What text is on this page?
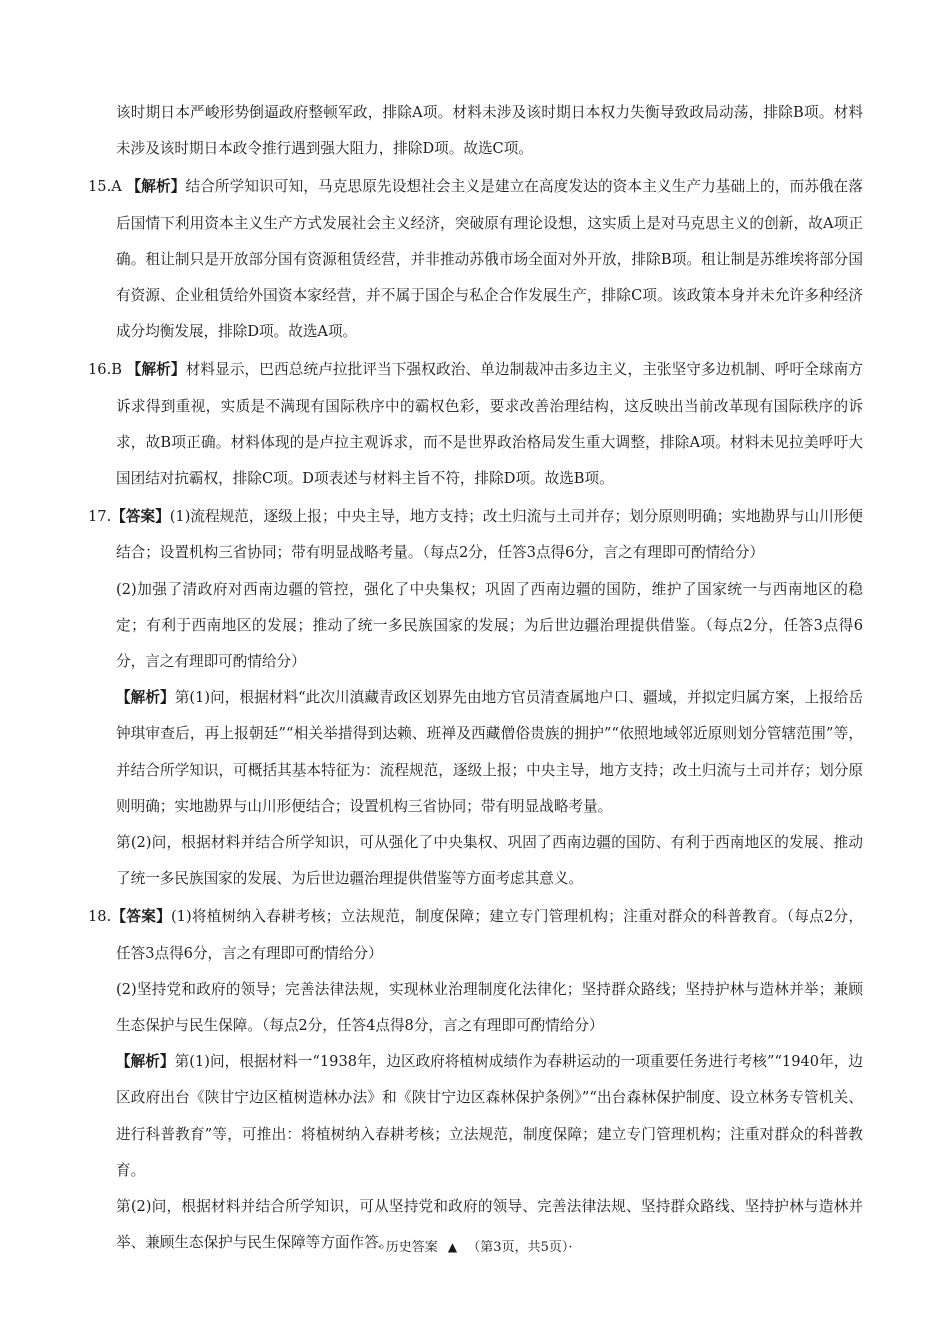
该时期日本严峻形势倒逼政府整顿军政，排除A项。材料未涉及该时期日本权力失衡导致政局动荡，排除B项。材料未涉及该时期日本政令推行遇到强大阻力，排除D项。故选C项。

15.A 【解析】结合所学知识可知，马克思原先设想社会主义是建立在高度发达的资本主义生产力基础上的，而苏俄在落后国情下利用资本主义生产方式发展社会主义经济，突破原有理论设想，这实质上是对马克思主义的创新，故A项正确。租让制只是开放部分国有资源租赁经营，并非推动苏俄市场全面对外开放，排除B项。租让制是苏维埃将部分国有资源、企业租赁给外国资本家经营，并不属于国企与私企合作发展生产，排除C项。该政策本身并未允许多种经济成分均衡发展，排除D项。故选A项。

16.B 【解析】材料显示，巴西总统卢拉批评当下强权政治、单边制裁冲击多边主义，主张坚守多边机制、呼吁全球南方诉求得到重视，实质是不满现有国际秩序中的霸权色彩，要求改善治理结构，这反映出当前改革现有国际秩序的诉求，故B项正确。材料体现的是卢拉主观诉求，而不是世界政治格局发生重大调整，排除A项。材料未见拉美呼吁大国团结对抗霸权，排除C项。D项表述与材料主旨不符，排除D项。故选B项。

17.【答案】(1)流程规范，逐级上报；中央主导，地方支持；改土归流与土司并存；划分原则明确；实地勘界与山川形便结合；设置机构三省协同；带有明显战略考量。（每点2分，任答3点得6分，言之有理即可酌情给分）

(2)加强了清政府对西南边疆的管控，强化了中央集权；巩固了西南边疆的国防，维护了国家统一与西南地区的稳定；有利于西南地区的发展；推动了统一多民族国家的发展；为后世边疆治理提供借鉴。（每点2分，任答3点得6分，言之有理即可酌情给分）

【解析】第(1)问，根据材料“此次川滇藏青政区划界先由地方官员清查属地户口、疆域，并拟定归属方案，上报给岳钟琪审查后，再上报朝廷”“相关举措得到达赖、班禅及西藏僧俗贵族的拥护”“依照地域邻近原则划分管辖范围”等，并结合所学知识，可概括其基本特征为：流程规范，逐级上报；中央主导，地方支持；改土归流与土司并存；划分原则明确；实地勘界与山川形便结合；设置机构三省协同；带有明显战略考量。

第(2)问，根据材料并结合所学知识，可从强化了中央集权、巩固了西南边疆的国防、有利于西南地区的发展、推动了统一多民族国家的发展、为后世边疆治理提供借鉴等方面考虑其意义。

18.【答案】(1)将植树纳入春耕考核；立法规范，制度保障；建立专门管理机构；注重对群众的科普教育。（每点2分，任答3点得6分，言之有理即可酌情给分）

(2)坚持党和政府的领导；完善法律法规，实现林业治理制度化法律化；坚持群众路线；坚持护林与造林并举；兼顾生态保护与民生保障。（每点2分，任答4点得8分，言之有理即可酌情给分）

【解析】第(1)问，根据材料一“1938年，边区政府将植树成绩作为春耕运动的一项重要任务进行考核”“1940年，边区政府出台《陕甘宁边区植树造林办法》和《陕甘宁边区森林保护条例》”“出台森林保护制度、设立林务专管机关、进行科普教育”等，可推出：将植树纳入春耕考核；立法规范，制度保障；建立专门管理机构；注重对群众的科普教育。

第(2)问，根据材料并结合所学知识，可从坚持党和政府的领导、完善法律法规、坚持群众路线、坚持护林与造林并举、兼顾生态保护与民生保障等方面作答。

· 历史答案 ▲ （第3页，共5页）·
